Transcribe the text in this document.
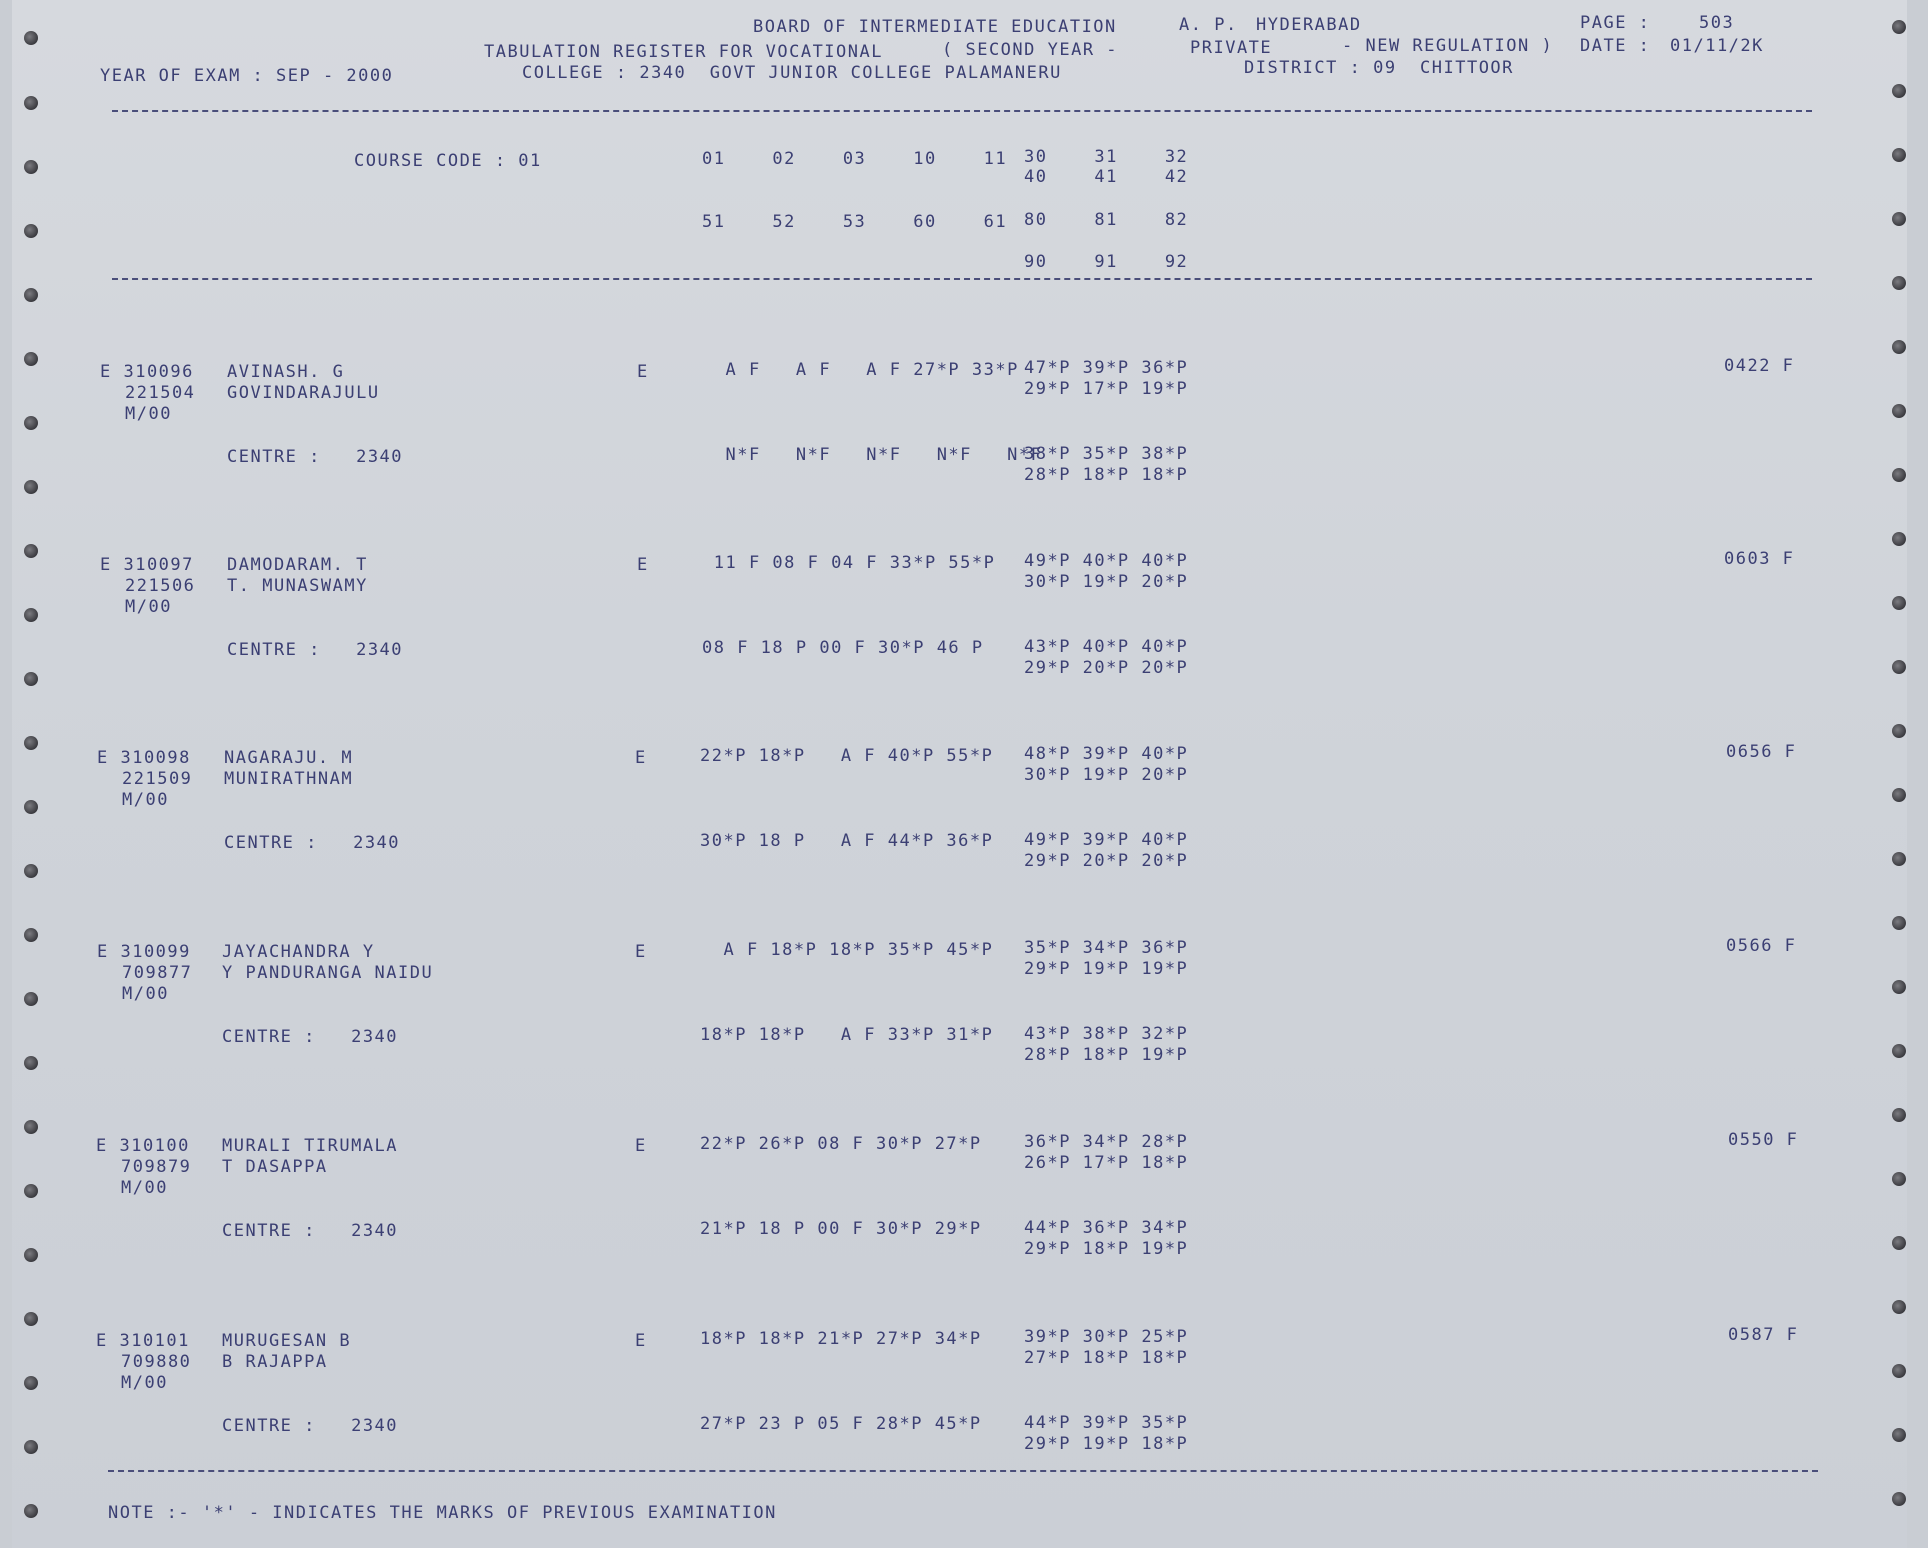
BOARD OF INTERMEDIATE EDUCATION	A. P. HYDERABAD	PAGE :	503
TABULATION REGISTER FOR VOCATIONAL	( SECOND YEAR -	PRIVATE	- NEW REGULATION ) DATE : 01/11/2K
YEAR OF EXAM : SEP - 2000	COLLEGE : 2340  GOVT JUNIOR COLLEGE PALAMANERU	DISTRICT : 09  CHITTOOR
COURSE CODE : 01	01    02    03    10    11 30    31    32
40    41    42
51    52    53    60    61 80    81    82
90    91    92
E 310096 AVINASH. G
221504 GOVINDARAJULU
M/00
E	A F   A F   A F 27*P 33*P 47*P 39*P 36*P
29*P 17*P 19*P
CENTRE :   2340	N*F   N*F   N*F   N*F   N*F
38*P 35*P 38*P
28*P 18*P 18*P
0422 F
E 310097 DAMODARAM. T
221506 T. MUNASWAMY
M/00
E	11 F 08 F 04 F 33*P 55*P 49*P 40*P 40*P
30*P 19*P 20*P
CENTRE :   2340	08 F 18 P 00 F 30*P 46 P 43*P 40*P 40*P
29*P 20*P 20*P
0603 F
E 310098 NAGARAJU. M
221509 MUNIRATHNAM
M/00
E	22*P 18*P   A F 40*P 55*P 48*P 39*P 40*P
30*P 19*P 20*P
CENTRE :   2340	30*P 18 P   A F 44*P 36*P 49*P 39*P 40*P
29*P 20*P 20*P
0656 F
E 310099 JAYACHANDRA Y
709877 Y PANDURANGA NAIDU
M/00
E	A F 18*P 18*P 35*P 45*P 35*P 34*P 36*P
29*P 19*P 19*P
CENTRE :   2340	18*P 18*P   A F 33*P 31*P 43*P 38*P 32*P
28*P 18*P 19*P
0566 F
E 310100 MURALI TIRUMALA
709879 T DASAPPA
M/00
E	22*P 26*P 08 F 30*P 27*P 36*P 34*P 28*P
26*P 17*P 18*P
CENTRE :   2340	21*P 18 P 00 F 30*P 29*P 44*P 36*P 34*P
29*P 18*P 19*P
0550 F
E 310101 MURUGESAN B
709880 B RAJAPPA
M/00
E	18*P 18*P 21*P 27*P 34*P 39*P 30*P 25*P
27*P 18*P 18*P
CENTRE :   2340	27*P 23 P 05 F 28*P 45*P 44*P 39*P 35*P
29*P 19*P 18*P
0587 F
NOTE :- '*' - INDICATES THE MARKS OF PREVIOUS EXAMINATION
